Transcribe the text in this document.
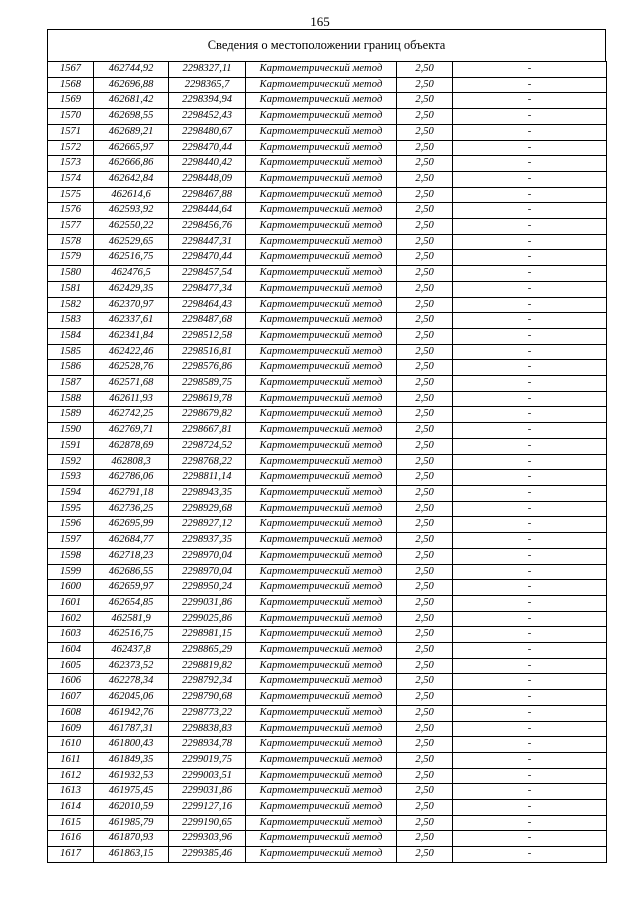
165
Сведения о местоположении границ объекта
1567	462744,92	2298327,11	Картометрический метод	2,50	-
1568	462696,88	2298365,7	Картометрический метод	2,50	-
1569	462681,42	2298394,94	Картометрический метод	2,50	-
1570	462698,55	2298452,43	Картометрический метод	2,50	-
1571	462689,21	2298480,67	Картометрический метод	2,50	-
1572	462665,97	2298470,44	Картометрический метод	2,50	-
1573	462666,86	2298440,42	Картометрический метод	2,50	-
1574	462642,84	2298448,09	Картометрический метод	2,50	-
1575	462614,6	2298467,88	Картометрический метод	2,50	-
1576	462593,92	2298444,64	Картометрический метод	2,50	-
1577	462550,22	2298456,76	Картометрический метод	2,50	-
1578	462529,65	2298447,31	Картометрический метод	2,50	-
1579	462516,75	2298470,44	Картометрический метод	2,50	-
1580	462476,5	2298457,54	Картометрический метод	2,50	-
1581	462429,35	2298477,34	Картометрический метод	2,50	-
1582	462370,97	2298464,43	Картометрический метод	2,50	-
1583	462337,61	2298487,68	Картометрический метод	2,50	-
1584	462341,84	2298512,58	Картометрический метод	2,50	-
1585	462422,46	2298516,81	Картометрический метод	2,50	-
1586	462528,76	2298576,86	Картометрический метод	2,50	-
1587	462571,68	2298589,75	Картометрический метод	2,50	-
1588	462611,93	2298619,78	Картометрический метод	2,50	-
1589	462742,25	2298679,82	Картометрический метод	2,50	-
1590	462769,71	2298667,81	Картометрический метод	2,50	-
1591	462878,69	2298724,52	Картометрический метод	2,50	-
1592	462808,3	2298768,22	Картометрический метод	2,50	-
1593	462786,06	2298811,14	Картометрический метод	2,50	-
1594	462791,18	2298943,35	Картометрический метод	2,50	-
1595	462736,25	2298929,68	Картометрический метод	2,50	-
1596	462695,99	2298927,12	Картометрический метод	2,50	-
1597	462684,77	2298937,35	Картометрический метод	2,50	-
1598	462718,23	2298970,04	Картометрический метод	2,50	-
1599	462686,55	2298970,04	Картометрический метод	2,50	-
1600	462659,97	2298950,24	Картометрический метод	2,50	-
1601	462654,85	2299031,86	Картометрический метод	2,50	-
1602	462581,9	2299025,86	Картометрический метод	2,50	-
1603	462516,75	2298981,15	Картометрический метод	2,50	-
1604	462437,8	2298865,29	Картометрический метод	2,50	-
1605	462373,52	2298819,82	Картометрический метод	2,50	-
1606	462278,34	2298792,34	Картометрический метод	2,50	-
1607	462045,06	2298790,68	Картометрический метод	2,50	-
1608	461942,76	2298773,22	Картометрический метод	2,50	-
1609	461787,31	2298838,83	Картометрический метод	2,50	-
1610	461800,43	2298934,78	Картометрический метод	2,50	-
1611	461849,35	2299019,75	Картометрический метод	2,50	-
1612	461932,53	2299003,51	Картометрический метод	2,50	-
1613	461975,45	2299031,86	Картометрический метод	2,50	-
1614	462010,59	2299127,16	Картометрический метод	2,50	-
1615	461985,79	2299190,65	Картометрический метод	2,50	-
1616	461870,93	2299303,96	Картометрический метод	2,50	-
1617	461863,15	2299385,46	Картометрический метод	2,50	-
